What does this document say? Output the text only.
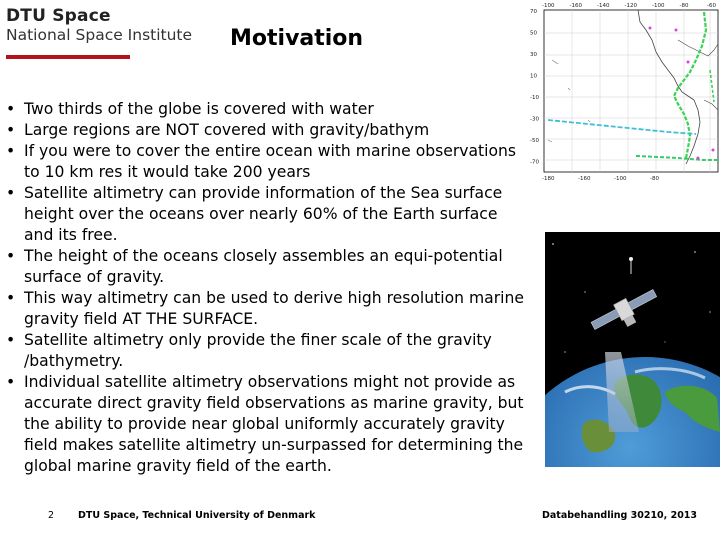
DTU Space
National Space Institute Motivation
• Two thirds of the globe is covered with water
• Large regions are NOT covered with gravity/bathym
• If you were to cover the entire ocean with marine observations to 10 km res it would take 200 years
• Satellite altimetry can provide information of the Sea surface height over the oceans over nearly 60% of the Earth surface and its free.
• The height of the oceans closely assembles an equi-potential surface of gravity.
• This way altimetry can be used to derive high resolution marine gravity field AT THE SURFACE.
• Satellite altimetry only provide the finer scale of the gravity /bathymetry.
• Individual satellite altimetry observations might not provide as accurate direct gravity field observations as marine gravity, but the ability to provide near global uniformly accurately gravity field makes satellite altimetry un-surpassed for determining the global marine gravity field of the earth.
-100	-160	-140	-120	-100	-80	-60
70
50
30
10
-10
-30
-50
-70
-180	-160	-100	-80
2	DTU Space, Technical University of Denmark	Databehandling 30210, 2013
